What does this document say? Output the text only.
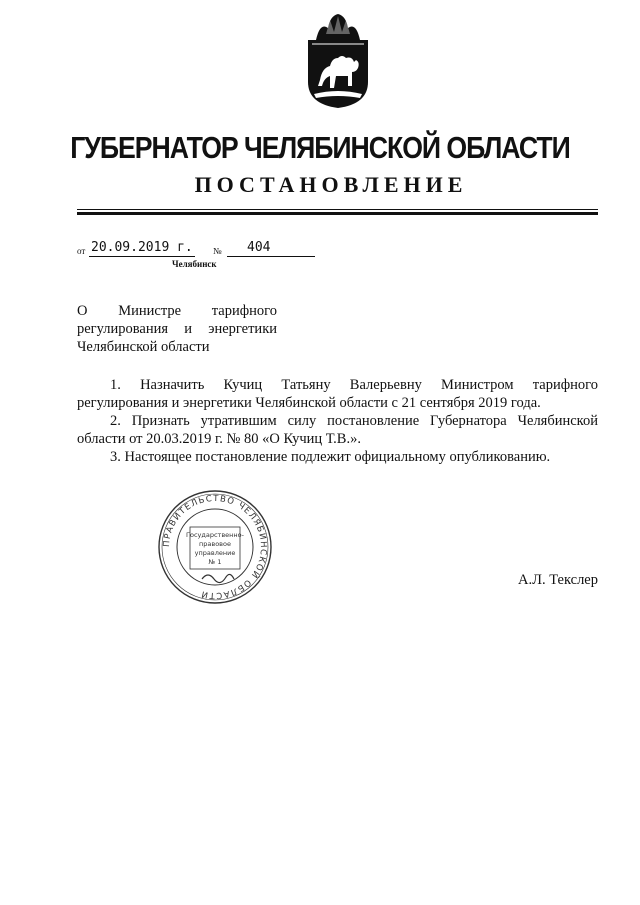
ГУБЕРНАТОР ЧЕЛЯБИНСКОЙ ОБЛАСТИ
ПОСТАНОВЛЕНИЕ
от 20.09.2019 г. № 404
Челябинск
О Министре тарифного
регулирования и энергетики
Челябинской области

1. Назначить Кучиц Татьяну Валерьевну Министром тарифного регулирования и энергетики Челябинской области с 21 сентября 2019 года.

2. Признать утратившим силу постановление Губернатора Челябинской области от 20.03.2019 г. № 80 «О Кучиц Т.В.».

3. Настоящее постановление подлежит официальному опубликованию.

ПРАВИТЕЛЬСТВО ЧЕЛЯБИНСКОЙ ОБЛАСТИ
Государственно-
правовое
управление
№ 1
А.Л. Текслер
